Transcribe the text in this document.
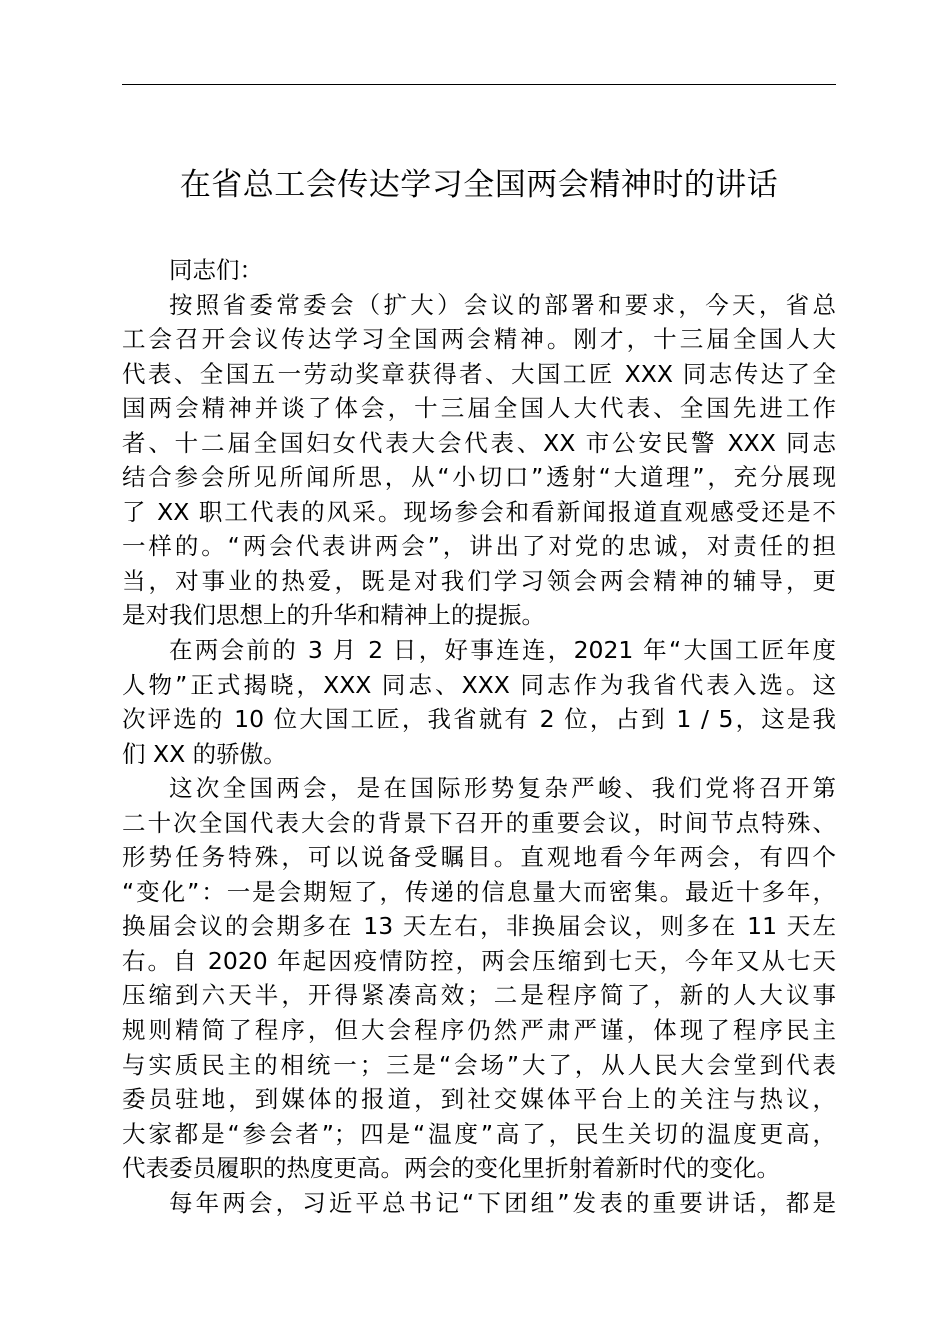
在省总工会传达学习全国两会精神时的讲话

同志们：

按照省委常委会（扩大）会议的部署和要求，今天，省总
工会召开会议传达学习全国两会精神。刚才，十三届全国人大
代表、全国五一劳动奖章获得者、大国工匠 XXX 同志传达了全
国两会精神并谈了体会，十三届全国人大代表、全国先进工作
者、十二届全国妇女代表大会代表、XX 市公安民警 XXX 同志
结合参会所见所闻所思，从“小切口”透射“大道理”，充分展现
了 XX 职工代表的风采。现场参会和看新闻报道直观感受还是不
一样的。“两会代表讲两会”，讲出了对党的忠诚，对责任的担
当，对事业的热爱，既是对我们学习领会两会精神的辅导，更
是对我们思想上的升华和精神上的提振。
在两会前的 3 月 2 日，好事连连，2021 年“大国工匠年度
人物”正式揭晓，XXX 同志、XXX 同志作为我省代表入选。这
次评选的 10 位大国工匠，我省就有 2 位，占到 1 / 5，这是我
们 XX 的骄傲。
这次全国两会，是在国际形势复杂严峻、我们党将召开第
二十次全国代表大会的背景下召开的重要会议，时间节点特殊、
形势任务特殊，可以说备受瞩目。直观地看今年两会，有四个
“变化”：一是会期短了，传递的信息量大而密集。最近十多年，
换届会议的会期多在 13 天左右，非换届会议，则多在 11 天左
右。自 2020 年起因疫情防控，两会压缩到七天，今年又从七天
压缩到六天半，开得紧凑高效；二是程序简了，新的人大议事
规则精简了程序，但大会程序仍然严肃严谨，体现了程序民主
与实质民主的相统一；三是“会场”大了，从人民大会堂到代表
委员驻地，到媒体的报道，到社交媒体平台上的关注与热议，
大家都是“参会者”；四是“温度”高了，民生关切的温度更高，
代表委员履职的热度更高。两会的变化里折射着新时代的变化。
每年两会，习近平总书记“下团组”发表的重要讲话，都是
